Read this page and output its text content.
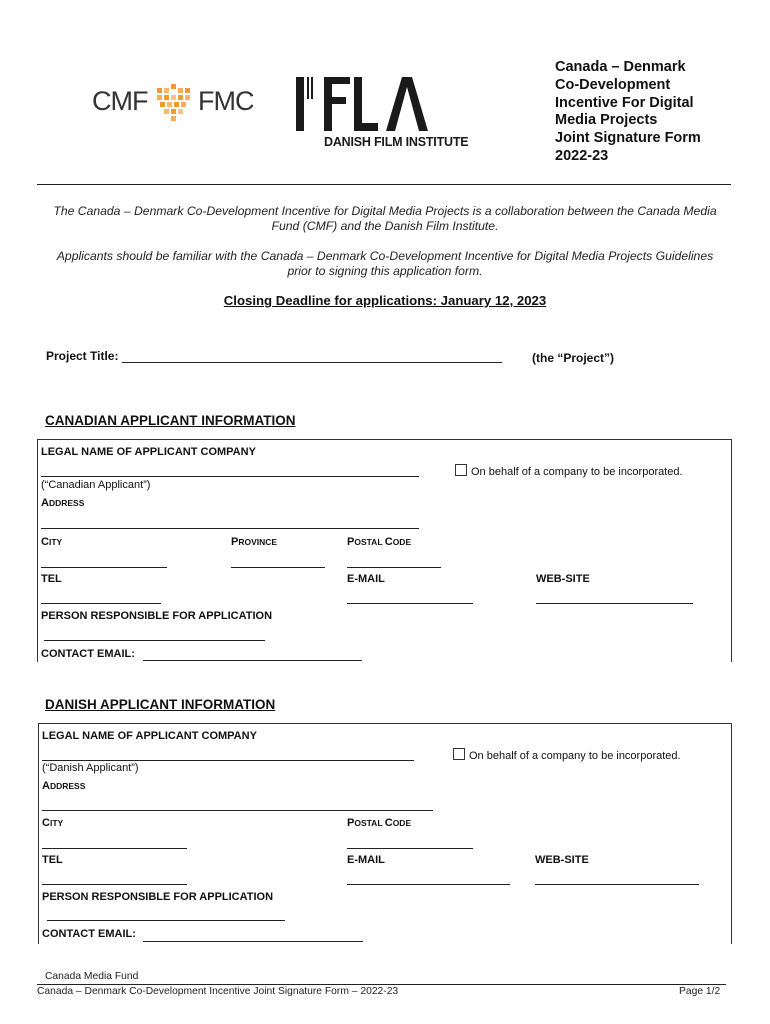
CMF FMC
DANISH FILM INSTITUTE
Canada – Denmark
Co-Development
Incentive For Digital
Media Projects
Joint Signature Form
2022-23
The Canada – Denmark Co-Development Incentive for Digital Media Projects is a collaboration between the Canada Media Fund (CMF) and the Danish Film Institute.
Applicants should be familiar with the Canada – Denmark Co-Development Incentive for Digital Media Projects Guidelines prior to signing this application form.
Closing Deadline for applications: January 12, 2023
Project Title:	(the “Project”)
CANADIAN APPLICANT INFORMATION
LEGAL NAME OF APPLICANT COMPANY
On behalf of a company to be incorporated.
(“Canadian Applicant”)
ADDRESS
CITY	PROVINCE	POSTAL CODE
TEL	E-MAIL	WEB-SITE
PERSON RESPONSIBLE FOR APPLICATION
CONTACT EMAIL:
DANISH APPLICANT INFORMATION
LEGAL NAME OF APPLICANT COMPANY
On behalf of a company to be incorporated.
(“Danish Applicant”)
ADDRESS
CITY	POSTAL CODE
TEL	E-MAIL	WEB-SITE
PERSON RESPONSIBLE FOR APPLICATION
CONTACT EMAIL:
Canada Media Fund
Canada – Denmark Co-Development Incentive Joint Signature Form – 2022-23	Page 1/2
